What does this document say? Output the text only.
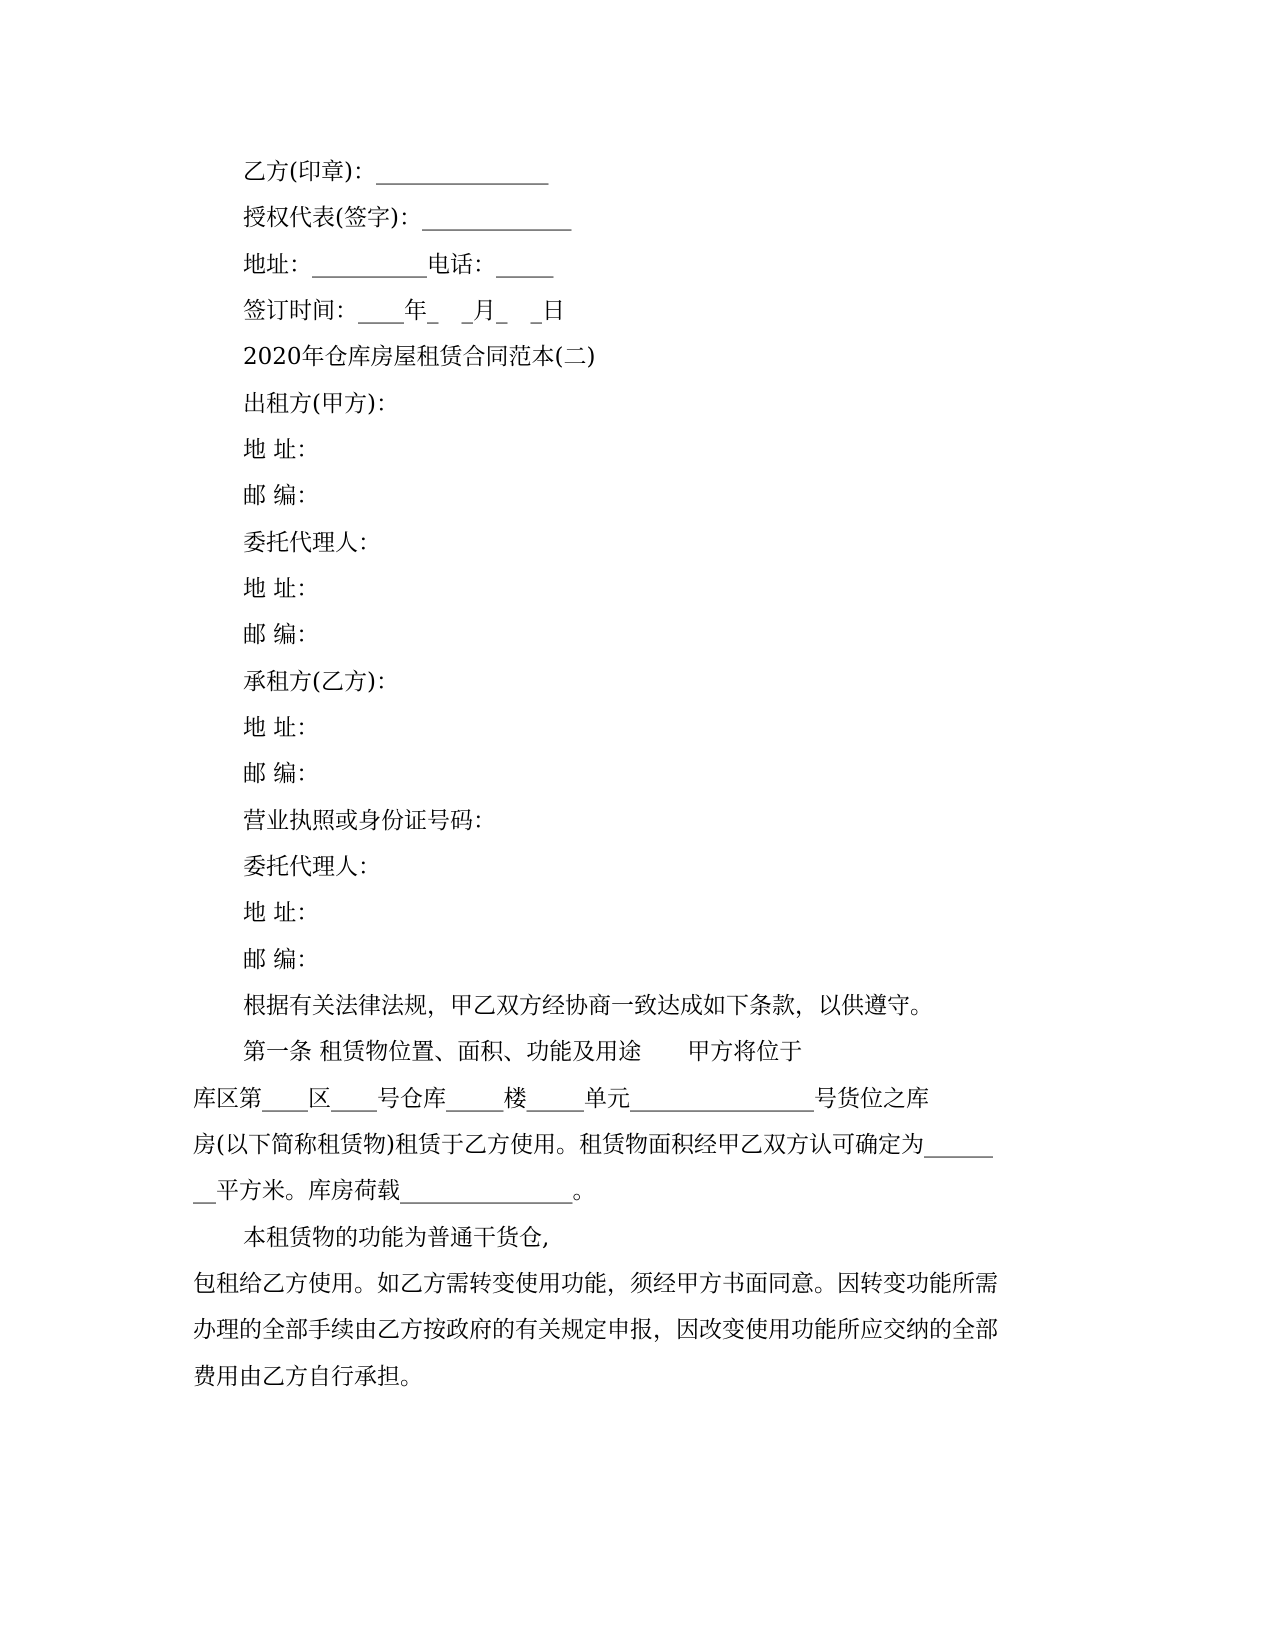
乙方(印章)：_______________
授权代表(签字)：_____________
地址：__________电话：_____
签订时间：____年_　_月_　_日
2020年仓库房屋租赁合同范本(二)
出租方(甲方)：
地 址：
邮 编：
委托代理人：
地 址：
邮 编：
承租方(乙方)：
地 址：
邮 编：
营业执照或身份证号码：
委托代理人：
地 址：
邮 编：
根据有关法律法规，甲乙双方经协商一致达成如下条款，以供遵守。
第一条 租赁物位置、面积、功能及用途　　甲方将位于
库区第____区____号仓库_____楼_____单元________________号货位之库
房(以下简称租赁物)租赁于乙方使用。租赁物面积经甲乙双方认可确定为______
__平方米。库房荷载_______________。
本租赁物的功能为普通干货仓,
包租给乙方使用。如乙方需转变使用功能，须经甲方书面同意。因转变功能所需
办理的全部手续由乙方按政府的有关规定申报，因改变使用功能所应交纳的全部
费用由乙方自行承担。
